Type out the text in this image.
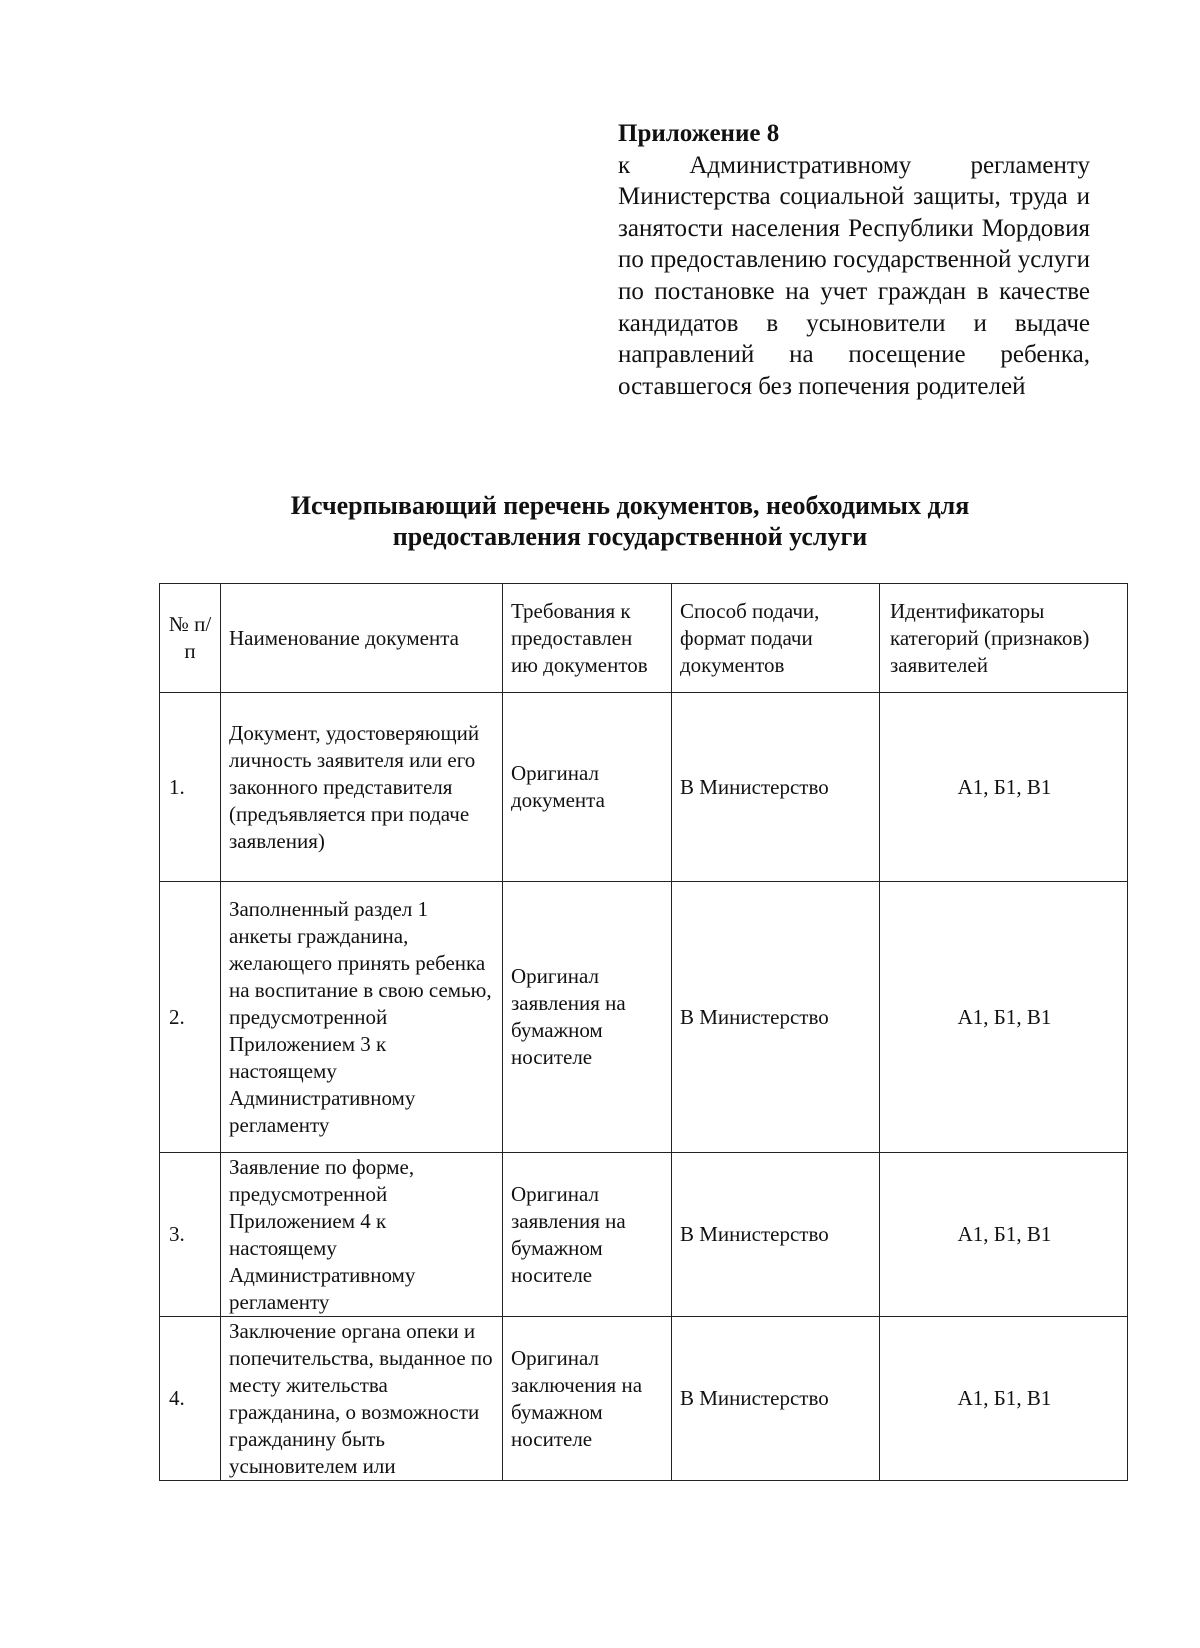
Приложение 8

к Административному регламенту Министерства социальной защиты, труда и занятости населения Республики Мордовия по предоставлению государственной услуги по постановке на учет граждан в качестве кандидатов в усыновители и выдаче направлений на посещение ребенка, оставшегося без попечения родителей

Исчерпывающий перечень документов, необходимых для
предоставления государственной услуги
№ п/п	Наименование документа	Требования к предоставлен ию документов	Способ подачи, формат подачи документов	Идентификаторы категорий (признаков) заявителей
1.	Документ, удостоверяющий личность заявителя или его законного представителя (предъявляется при подаче заявления)	Оригинал документа	В Министерство	А1, Б1, В1
2.	Заполненный раздел 1 анкеты гражданина, желающего принять ребенка на воспитание в свою семью, предусмотренной Приложением 3 к настоящему Административному регламенту	Оригинал заявления на бумажном носителе	В Министерство	А1, Б1, В1
3.	Заявление по форме, предусмотренной Приложением 4 к настоящему Административному регламенту	Оригинал заявления на бумажном носителе	В Министерство	А1, Б1, В1
4.	Заключение органа опеки и попечительства, выданное по месту жительства гражданина, о возможности гражданину быть усыновителем или	Оригинал заключения на бумажном носителе	В Министерство	А1, Б1, В1
